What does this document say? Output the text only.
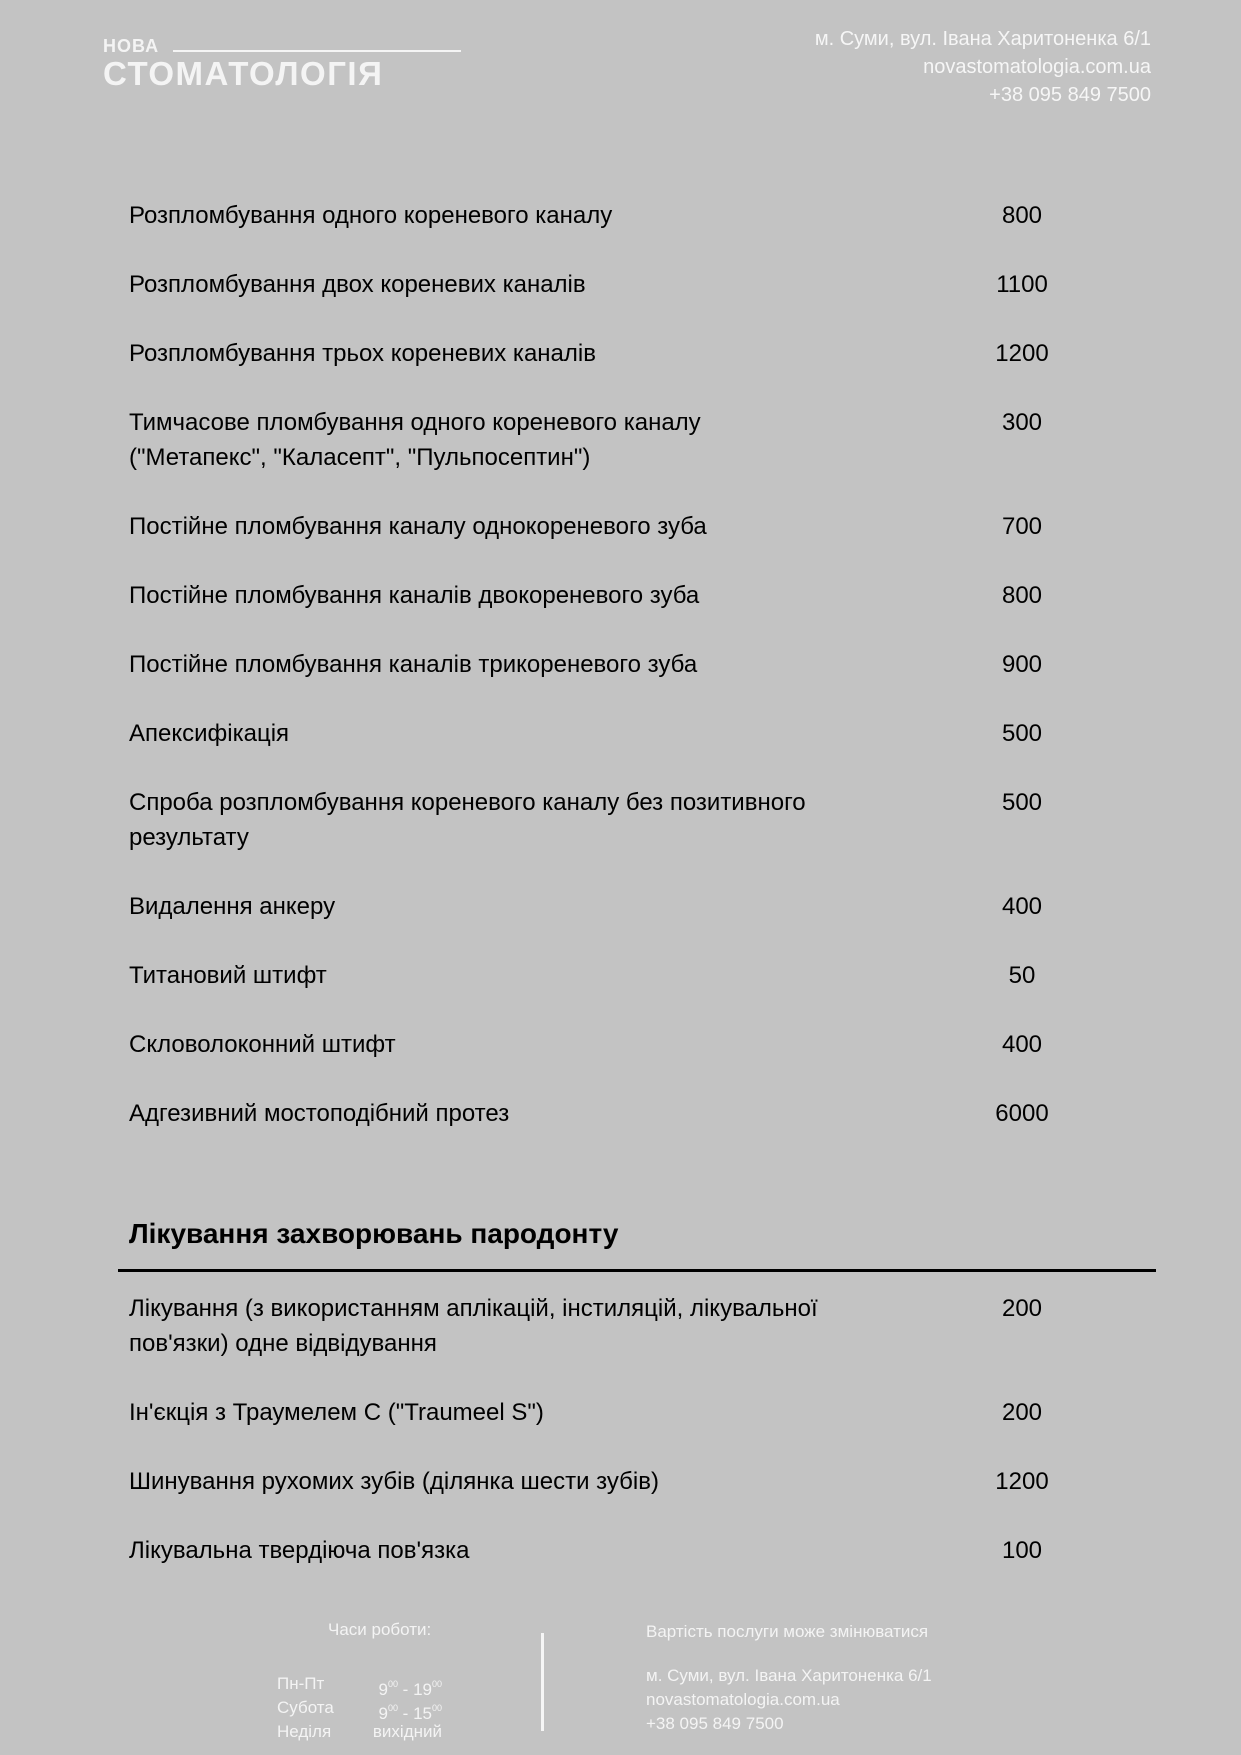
НОВА
СТОМАТОЛОГІЯ
м. Суми, вул. Івана Харитоненка 6/1
novastomatologia.com.ua
+38 095 849 7500
Розпломбування одного кореневого каналу	800
Розпломбування двох кореневих каналів	1100
Розпломбування трьох кореневих каналів	1200
Тимчасове пломбування одного кореневого каналу ("Метапекс", "Каласепт", "Пульпосептин")
300
Постійне пломбування каналу однокореневого зуба	700
Постійне пломбування каналів двокореневого зуба	800
Постійне пломбування каналів трикореневого зуба	900
Апексифікація	500
Спроба розпломбування кореневого каналу без позитивного результату
500
Видалення анкеру	400
Титановий штифт	50
Скловолоконний штифт	400
Адгезивний мостоподібний протез	6000
Лікування захворювань пародонту
Лікування (з використанням аплікацій, інстиляцій, лікувальної пов'язки) одне відвідування
200
Ін'єкція з Траумелем С ("Traumeel S")	200
Шинування рухомих зубів (ділянка шести зубів)	1200
Лікувальна твердіюча пов'язка	100
Часи роботи:
Пн-Пт	$9^{00} - 19^{00}$
Субота	$9^{00} - 15^{00}$
Неділя вихідний
Вартість послуги може змінюватися
м. Суми, вул. Івана Харитоненка 6/1
novastomatologia.com.ua
+38 095 849 7500
